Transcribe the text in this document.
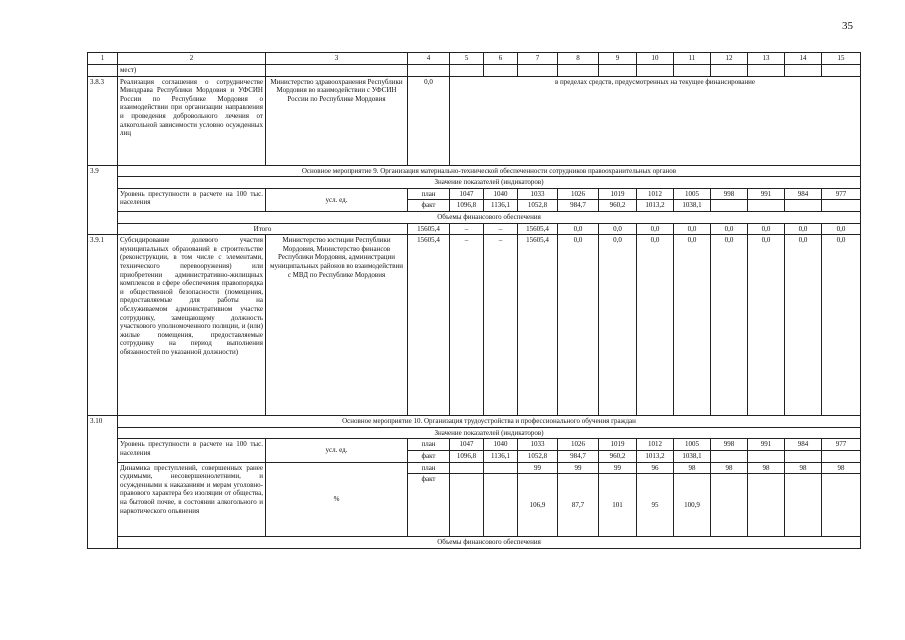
35
1	2	3	4	5	6	7	8	9	10	11	12	13	14	15
	мест)													
3.8.3	Реализация соглашения о сотрудничестве Минздрава Республики Мордовия и УФСИН России по Республике Мордовия о взаимодействии при организации направления и проведения добровольного лечения от алкогольной зависимости условно осужденных лиц	Министерство здравоохранения Республики Мордовия во взаимодействии с УФСИН России по Республике Мордовия	0,0	в пределах средств, предусмотренных на текущее финансирование										
3.9	Основное мероприятие 9. Организация материально-технической обеспеченности сотрудников правоохранительных органов													
	Значение показателей (индикаторов)													
	Уровень преступности в расчете на 100 тыс. населения	усл. ед.	план	1047	1040	1033	1026	1019	1012	1005	998	991	984	977
			факт	1096,8	1136,1	1052,8	984,7	960,2	1013,2	1038,1				
	Объемы финансового обеспечения													
	Итого		15605,4	–	–	15605,4	0,0	0,0	0,0	0,0	0,0	0,0	0,0	0,0
3.9.1	Субсидирование долевого участия муниципальных образований в строительстве (реконструкции, в том числе с элементами, технического перевооружения) или приобретении административно-жилищных комплексов в сфере обеспечения правопорядка и общественной безопасности (помещения, предоставляемые для работы на обслуживаемом административном участке сотруднику, замещающему должность участкового уполномоченного полиции, и (или) жилые помещения, предоставляемые сотруднику на период выполнения обязанностей по указанной должности)	Министерство юстиции Республики Мордовия, Министерство финансов Республики Мордовия, администрации муниципальных районов во взаимодействии с МВД по Республике Мордовия	15605,4	–	–	15605,4	0,0	0,0	0,0	0,0	0,0	0,0	0,0	0,0
3.10	Основное мероприятие 10. Организация трудоустройства и профессионального обучения граждан													
	Значение показателей (индикаторов)													
	Уровень преступности в расчете на 100 тыс. населения	усл. ед.	план	1047	1040	1033	1026	1019	1012	1005	998	991	984	977
			факт	1096,8	1136,1	1052,8	984,7	960,2	1013,2	1038,1				
	Динамика преступлений, совершенных ранее судимыми, несовершеннолетними, и осужденными к наказаниям и мерам уголовно-правового характера без изоляции от общества, на бытовой почве, в состоянии алкогольного и наркотического опьянения	%	план			99	99	99	96	98	98	98	98	98
			факт			106,9	87,7	101	95	100,9				
	Объемы финансового обеспечения													
